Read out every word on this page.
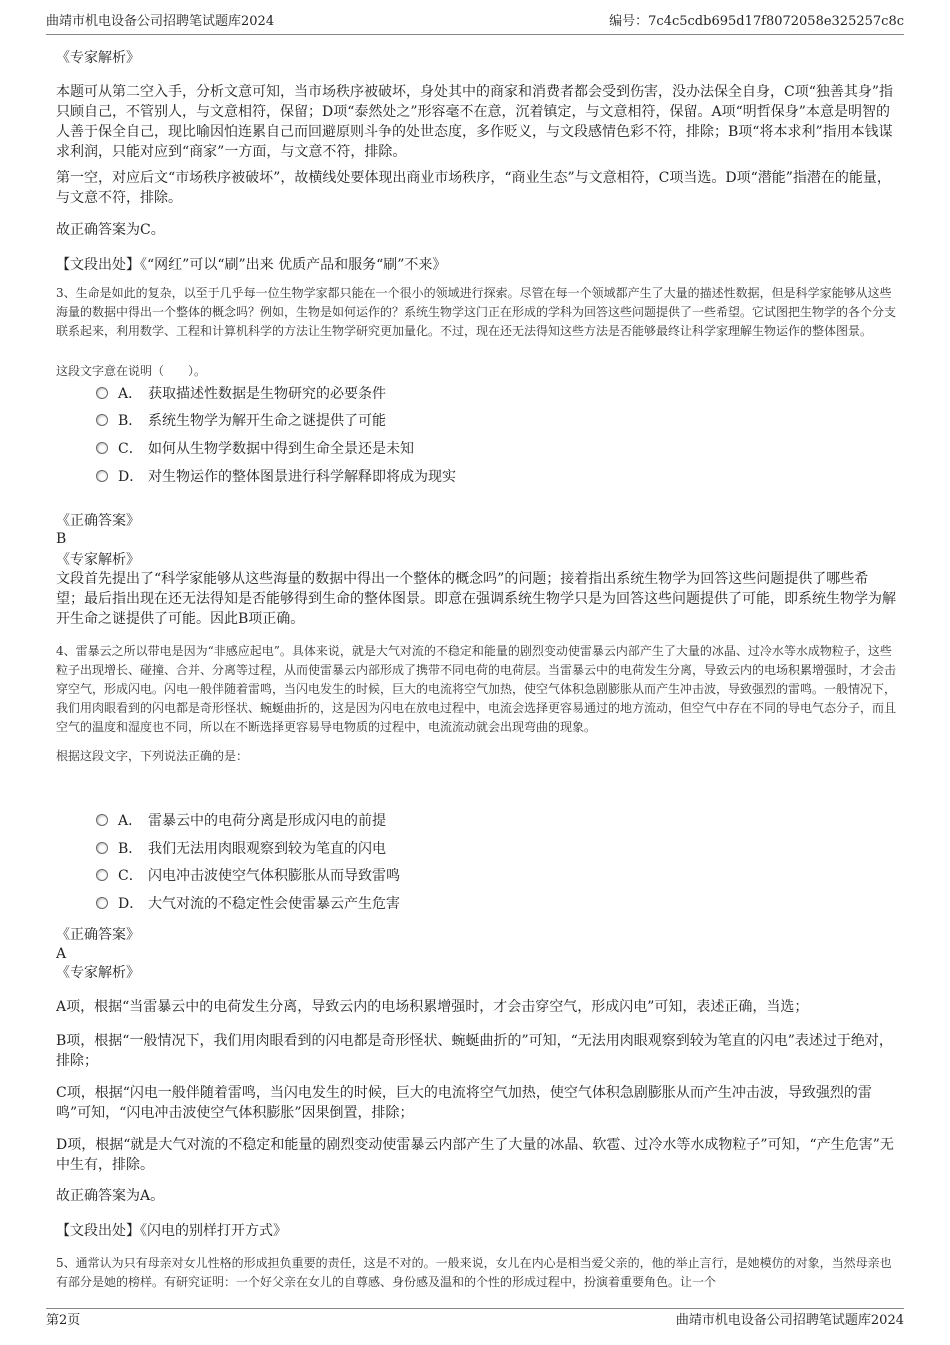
曲靖市机电设备公司招聘笔试题库2024	编号：7c4c5cdb695d17f8072058e325257c8c
《专家解析》
本题可从第二空入手，分析文意可知，当市场秩序被破坏，身处其中的商家和消费者都会受到伤害，没办法保全自身，C项“独善其身”指只顾自己，不管别人，与文意相符，保留；D项“泰然处之”形容毫不在意，沉着镇定，与文意相符，保留。A项“明哲保身”本意是明智的人善于保全自己，现比喻因怕连累自己而回避原则斗争的处世态度，多作贬义，与文段感情色彩不符，排除；B项“将本求利”指用本钱谋求利润，只能对应到“商家”一方面，与文意不符，排除。
第一空，对应后文“市场秩序被破坏”，故横线处要体现出商业市场秩序，“商业生态”与文意相符，C项当选。D项“潜能”指潜在的能量，与文意不符，排除。
故正确答案为C。
【文段出处】《“网红”可以“刷”出来 优质产品和服务“刷”不来》
3、生命是如此的复杂，以至于几乎每一位生物学家都只能在一个很小的领域进行探索。尽管在每一个领域都产生了大量的描述性数据，但是科学家能够从这些海量的数据中得出一个整体的概念吗？例如，生物是如何运作的？系统生物学这门正在形成的学科为回答这些问题提供了一些希望。它试图把生物学的各个分支联系起来，利用数学、工程和计算机科学的方法让生物学研究更加量化。不过，现在还无法得知这些方法是否能够最终让科学家理解生物运作的整体图景。
这段文字意在说明（　　）。
A． 获取描述性数据是生物研究的必要条件
B． 系统生物学为解开生命之谜提供了可能
C． 如何从生物学数据中得到生命全景还是未知
D． 对生物运作的整体图景进行科学解释即将成为现实
《正确答案》
B
《专家解析》
文段首先提出了“科学家能够从这些海量的数据中得出一个整体的概念吗”的问题；接着指出系统生物学为回答这些问题提供了哪些希望；最后指出现在还无法得知是否能够得到生命的整体图景。即意在强调系统生物学只是为回答这些问题提供了可能，即系统生物学为解开生命之谜提供了可能。因此B项正确。
4、雷暴云之所以带电是因为“非感应起电”。具体来说，就是大气对流的不稳定和能量的剧烈变动使雷暴云内部产生了大量的冰晶、过冷水等水成物粒子，这些粒子出现增长、碰撞、合并、分离等过程，从而使雷暴云内部形成了携带不同电荷的电荷层。当雷暴云中的电荷发生分离，导致云内的电场积累增强时，才会击穿空气，形成闪电。闪电一般伴随着雷鸣，当闪电发生的时候，巨大的电流将空气加热，使空气体积急剧膨胀从而产生冲击波，导致强烈的雷鸣。一般情况下，我们用肉眼看到的闪电都是奇形怪状、蜿蜒曲折的，这是因为闪电在放电过程中，电流会选择更容易通过的地方流动，但空气中存在不同的导电气态分子，而且空气的温度和湿度也不同，所以在不断选择更容易导电物质的过程中，电流流动就会出现弯曲的现象。
根据这段文字，下列说法正确的是：
A． 雷暴云中的电荷分离是形成闪电的前提
B． 我们无法用肉眼观察到较为笔直的闪电
C． 闪电冲击波使空气体积膨胀从而导致雷鸣
D． 大气对流的不稳定性会使雷暴云产生危害
《正确答案》
A
《专家解析》
A项，根据“当雷暴云中的电荷发生分离，导致云内的电场积累增强时，才会击穿空气，形成闪电”可知，表述正确，当选；
B项，根据“一般情况下，我们用肉眼看到的闪电都是奇形怪状、蜿蜒曲折的”可知，“无法用肉眼观察到较为笔直的闪电”表述过于绝对，排除；
C项，根据“闪电一般伴随着雷鸣，当闪电发生的时候，巨大的电流将空气加热，使空气体积急剧膨胀从而产生冲击波，导致强烈的雷鸣”可知，“闪电冲击波使空气体积膨胀”因果倒置，排除；
D项，根据“就是大气对流的不稳定和能量的剧烈变动使雷暴云内部产生了大量的冰晶、软雹、过冷水等水成物粒子”可知，“产生危害”无中生有，排除。
故正确答案为A。
【文段出处】《闪电的别样打开方式》
5、通常认为只有母亲对女儿性格的形成担负重要的责任，这是不对的。一般来说，女儿在内心是相当爱父亲的，他的举止言行，是她模仿的对象，当然母亲也有部分是她的榜样。有研究证明：一个好父亲在女儿的自尊感、身份感及温和的个性的形成过程中，扮演着重要角色。让一个
第2页	曲靖市机电设备公司招聘笔试题库2024
